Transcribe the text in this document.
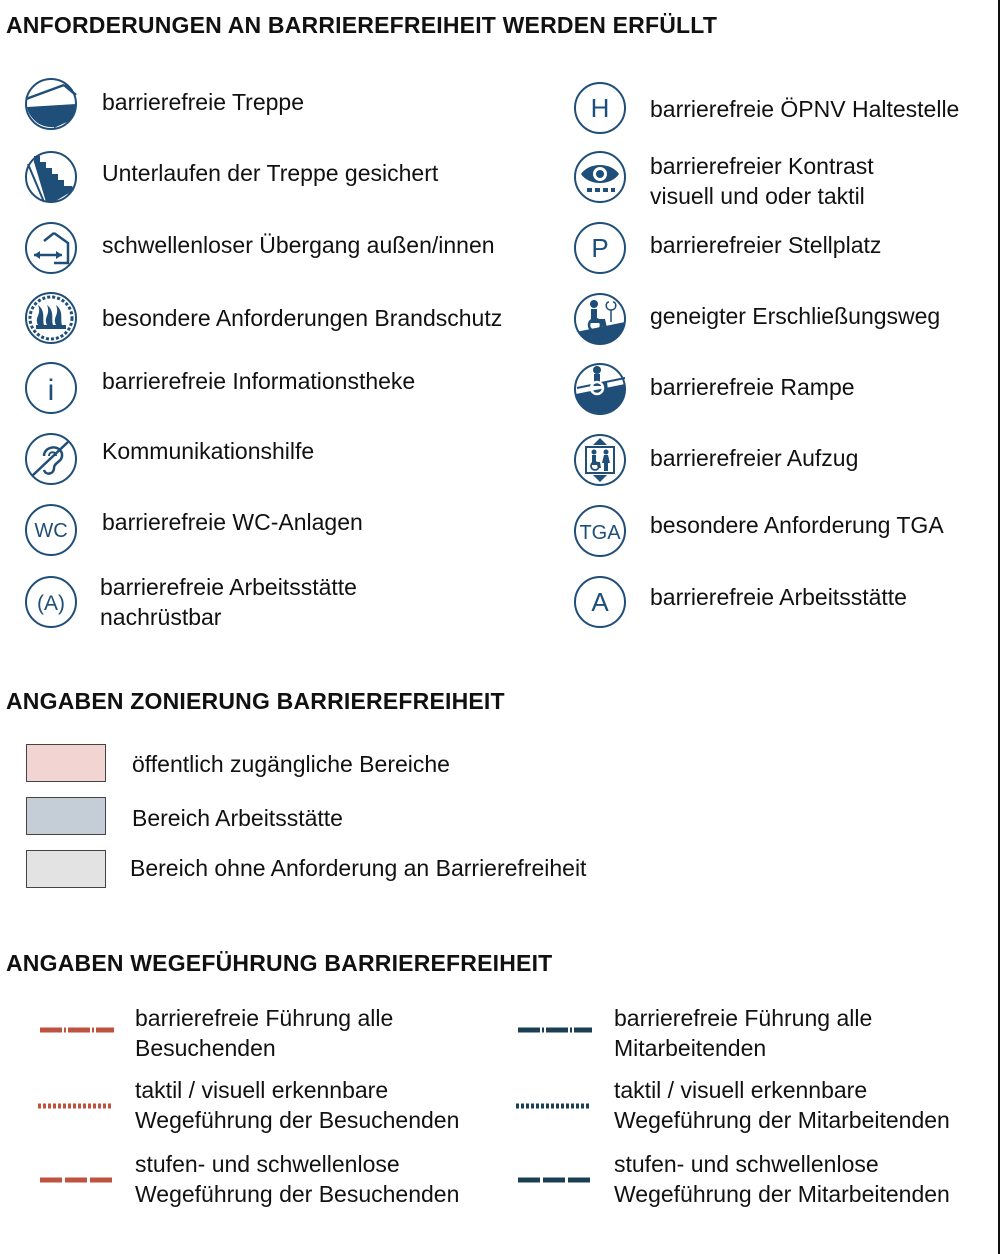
ANFORDERUNGEN AN BARRIEREFREIHEIT WERDEN ERFÜLLT
barrierefreie Treppe
Unterlaufen der Treppe gesichert
schwellenloser Übergang außen/innen
besondere Anforderungen Brandschutz
i barrierefreie Informationstheke
Kommunikationshilfe
WC barrierefreie WC-Anlagen
(A)
barrierefreie Arbeitsstätte
nachrüstbar
H barrierefreie ÖPNV Haltestelle
barrierefreier Kontrast
visuell und oder taktil
P barrierefreier Stellplatz
geneigter Erschließungsweg
barrierefreie Rampe
barrierefreier Aufzug
TGA besondere Anforderung TGA
A barrierefreie Arbeitsstätte
ANGABEN ZONIERUNG BARRIEREFREIHEIT
öffentlich zugängliche Bereiche
Bereich Arbeitsstätte
Bereich ohne Anforderung an Barrierefreiheit
ANGABEN WEGEFÜHRUNG BARRIEREFREIHEIT
barrierefreie Führung alle
Besuchenden
taktil / visuell erkennbare
Wegeführung der Besuchenden
stufen- und schwellenlose
Wegeführung der Besuchenden
barrierefreie Führung alle
Mitarbeitenden
taktil / visuell erkennbare
Wegeführung der Mitarbeitenden
stufen- und schwellenlose
Wegeführung der Mitarbeitenden
